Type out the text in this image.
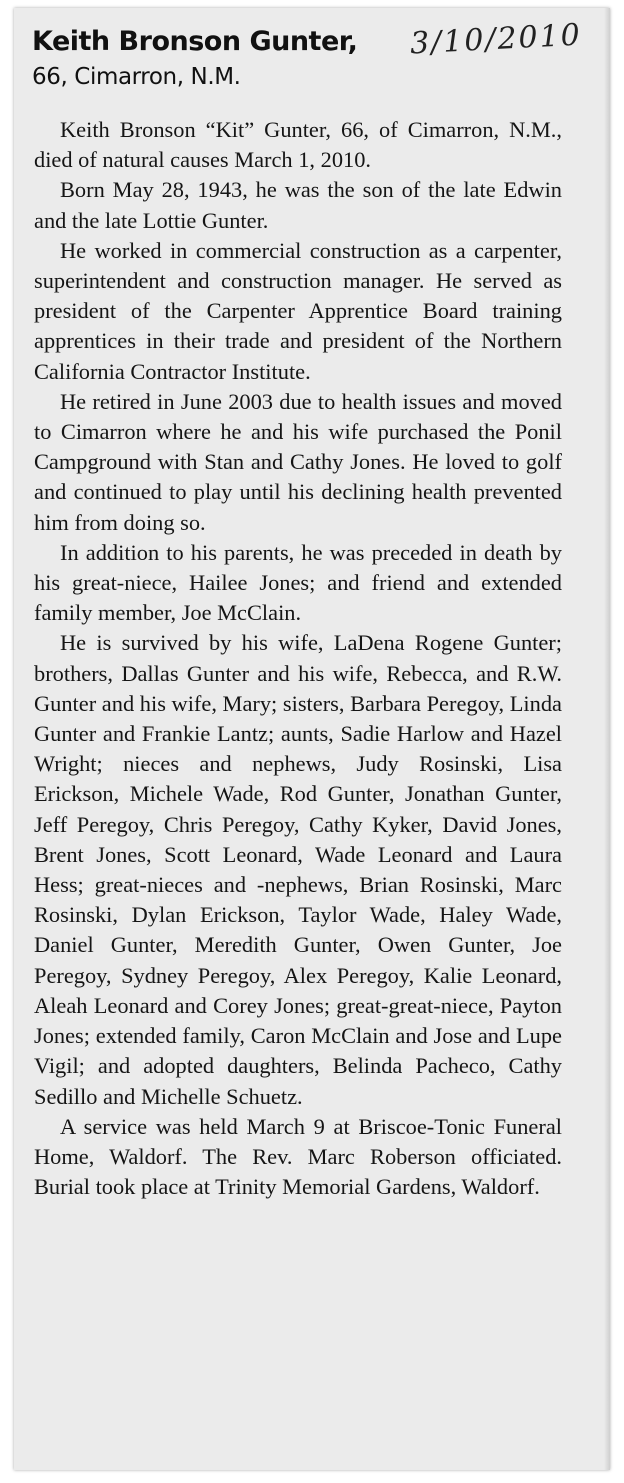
Keith Bronson Gunter,
66, Cimarron, N.M.
3/10/2010

Keith Bronson “Kit” Gunter, 66, of Cimarron, N.M., died of natural causes March 1, 2010.

Born May 28, 1943, he was the son of the late Edwin and the late Lottie Gunter.

He worked in commercial construction as a carpenter, superintendent and construction manager. He served as president of the Carpenter Apprentice Board training apprentices in their trade and president of the Northern California Contractor Institute.

He retired in June 2003 due to health issues and moved to Cimarron where he and his wife purchased the Ponil Campground with Stan and Cathy Jones. He loved to golf and continued to play until his declining health prevented him from doing so.

In addition to his parents, he was preceded in death by his great-niece, Hailee Jones; and friend and extended family member, Joe McClain.

He is survived by his wife, LaDena Rogene Gunter; brothers, Dallas Gunter and his wife, Rebecca, and R.W. Gunter and his wife, Mary; sisters, Barbara Peregoy, Linda Gunter and Frankie Lantz; aunts, Sadie Harlow and Hazel Wright; nieces and nephews, Judy Rosinski, Lisa Erickson, Michele Wade, Rod Gunter, Jonathan Gunter, Jeff Peregoy, Chris Peregoy, Cathy Kyker, David Jones, Brent Jones, Scott Leonard, Wade Leonard and Laura Hess; great-nieces and -nephews, Brian Rosinski, Marc Rosinski, Dylan Erickson, Taylor Wade, Haley Wade, Daniel Gunter, Meredith Gunter, Owen Gunter, Joe Peregoy, Sydney Peregoy, Alex Peregoy, Kalie Leonard, Aleah Leonard and Corey Jones; great-great-niece, Payton Jones; extended family, Caron McClain and Jose and Lupe Vigil; and adopted daughters, Belinda Pacheco, Cathy Sedillo and Michelle Schuetz.

A service was held March 9 at Briscoe-Tonic Funeral Home, Waldorf. The Rev. Marc Roberson officiated. Burial took place at Trinity Memorial Gardens, Waldorf.
